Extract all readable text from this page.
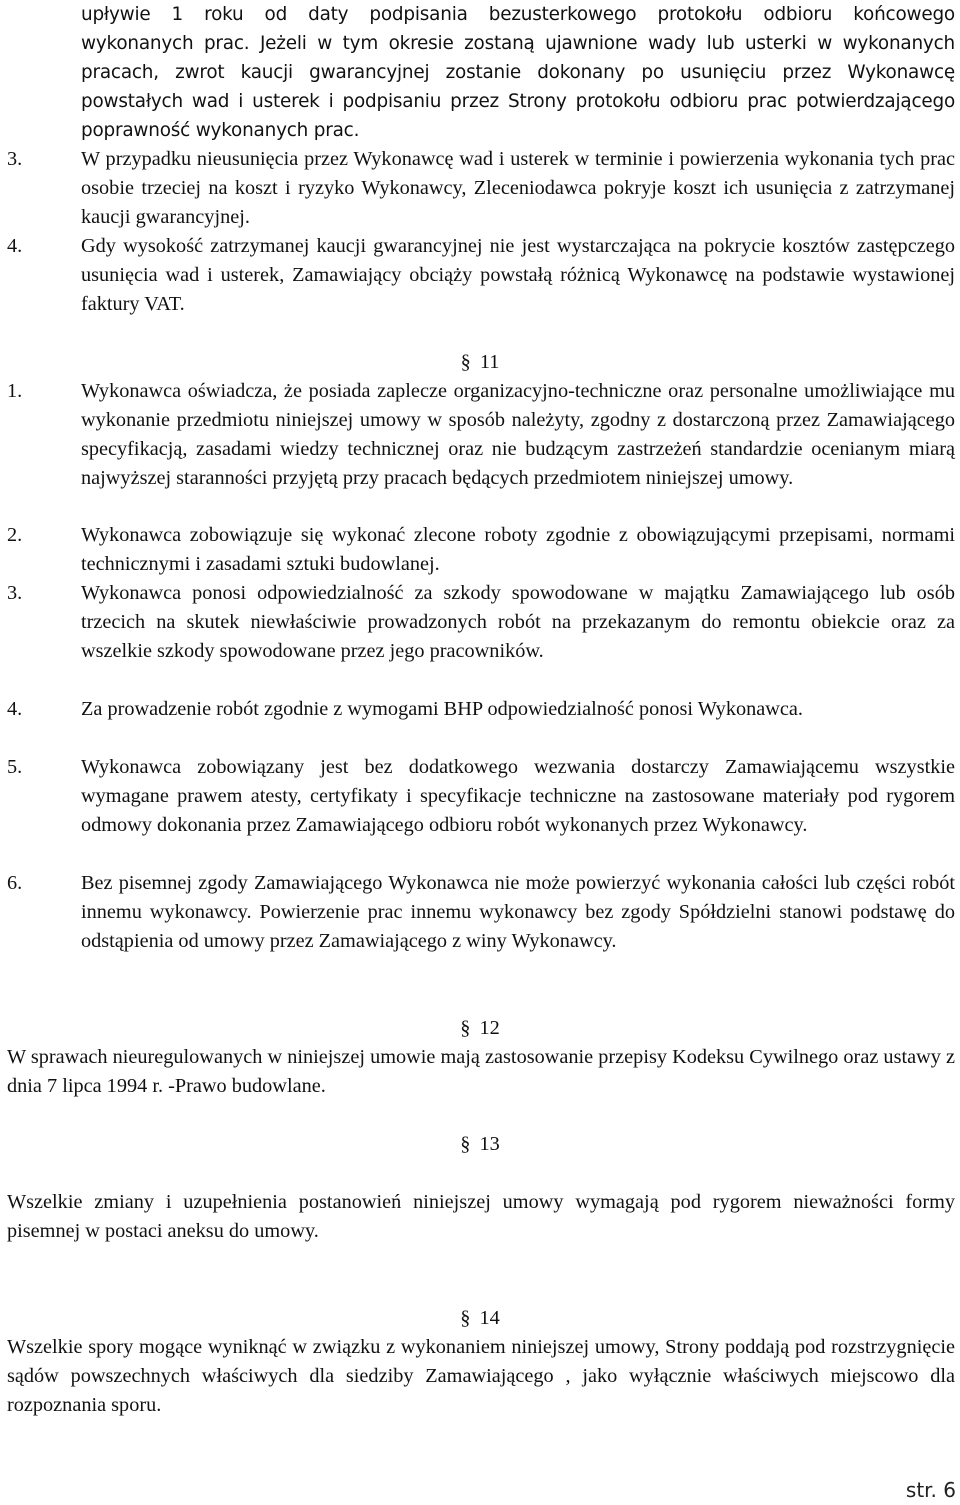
upływie 1 roku od daty podpisania bezusterkowego protokołu odbioru końcowego
wykonanych prac. Jeżeli w tym okresie zostaną ujawnione wady lub usterki w wykonanych pracach, zwrot kaucji gwarancyjnej zostanie dokonany po usunięciu przez Wykonawcę powstałych wad i usterek i podpisaniu przez Strony protokołu odbioru prac potwierdzającego poprawność wykonanych prac.
3.	W przypadku nieusunięcia przez Wykonawcę wad i usterek w terminie i powierzenia wykonania tych prac osobie trzeciej na koszt i ryzyko Wykonawcy, Zleceniodawca pokryje koszt ich usunięcia z zatrzymanej kaucji gwarancyjnej.
4.	Gdy wysokość zatrzymanej kaucji gwarancyjnej nie jest wystarczająca na pokrycie kosztów zastępczego usunięcia wad i usterek, Zamawiający obciąży powstałą różnicą Wykonawcę na podstawie wystawionej faktury VAT.
§ 11
1.	Wykonawca oświadcza, że posiada zaplecze organizacyjno-techniczne oraz personalne umożliwiające mu wykonanie przedmiotu niniejszej umowy w sposób należyty, zgodny z dostarczoną przez Zamawiającego specyfikacją, zasadami wiedzy technicznej oraz nie budzącym zastrzeżeń standardzie ocenianym miarą najwyższej staranności przyjętą przy pracach będących przedmiotem niniejszej umowy.
2.	Wykonawca zobowiązuje się wykonać zlecone roboty zgodnie z obowiązującymi przepisami, normami technicznymi i zasadami sztuki budowlanej.
3.	Wykonawca ponosi odpowiedzialność za szkody spowodowane w majątku Zamawiającego lub osób trzecich na skutek niewłaściwie prowadzonych robót na przekazanym do remontu obiekcie oraz za wszelkie szkody spowodowane przez jego pracowników.
4.	Za prowadzenie robót zgodnie z wymogami BHP odpowiedzialność ponosi Wykonawca.
5.	Wykonawca zobowiązany jest bez dodatkowego wezwania dostarczy Zamawiającemu wszystkie wymagane prawem atesty, certyfikaty i specyfikacje techniczne na zastosowane materiały pod rygorem odmowy dokonania przez Zamawiającego odbioru robót wykonanych przez Wykonawcy.
6.	Bez pisemnej zgody Zamawiającego Wykonawca nie może powierzyć wykonania całości lub części robót innemu wykonawcy. Powierzenie prac innemu wykonawcy bez zgody Spółdzielni stanowi podstawę do odstąpienia od umowy przez Zamawiającego z winy Wykonawcy.
§ 12
W sprawach nieuregulowanych w niniejszej umowie mają zastosowanie przepisy Kodeksu Cywilnego oraz ustawy z dnia 7 lipca 1994 r. -Prawo budowlane.
§ 13
Wszelkie zmiany i uzupełnienia postanowień niniejszej umowy wymagają pod rygorem nieważności formy pisemnej w postaci aneksu do umowy.
§ 14
Wszelkie spory mogące wyniknąć w związku z wykonaniem niniejszej umowy, Strony poddają pod rozstrzygnięcie sądów powszechnych właściwych dla siedziby Zamawiającego , jako wyłącznie właściwych miejscowo dla rozpoznania sporu.
str. 6
